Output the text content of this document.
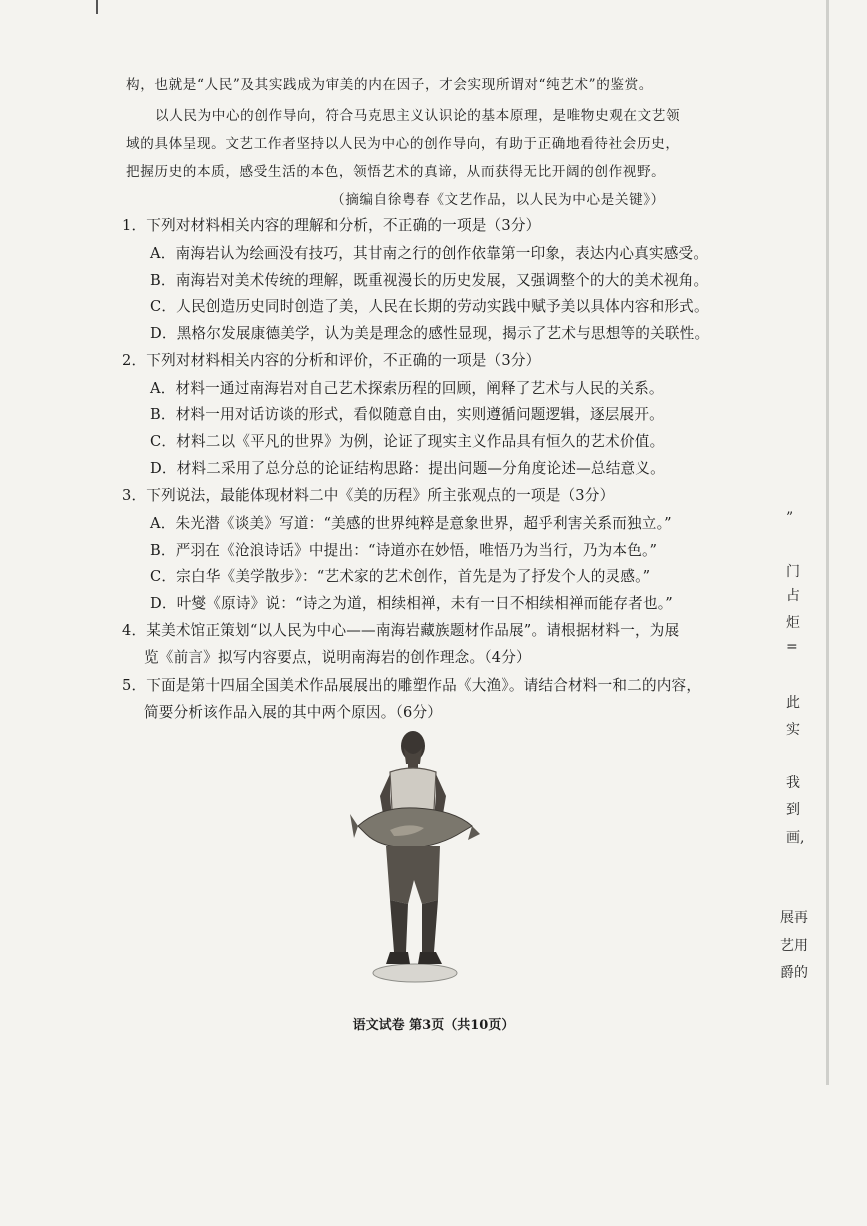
构，也就是“人民”及其实践成为审美的内在因子，才会实现所谓对“纯艺术”的鉴赏。
以人民为中心的创作导向，符合马克思主义认识论的基本原理，是唯物史观在文艺领
域的具体呈现。文艺工作者坚持以人民为中心的创作导向，有助于正确地看待社会历史，
把握历史的本质，感受生活的本色，领悟艺术的真谛，从而获得无比开阔的创作视野。
（摘编自徐粤春《文艺作品，以人民为中心是关键》）
1．下列对材料相关内容的理解和分析，不正确的一项是（3分）
A．南海岩认为绘画没有技巧，其甘南之行的创作依靠第一印象，表达内心真实感受。
B．南海岩对美术传统的理解，既重视漫长的历史发展，又强调整个的大的美术视角。
C．人民创造历史同时创造了美，人民在长期的劳动实践中赋予美以具体内容和形式。
D．黑格尔发展康德美学，认为美是理念的感性显现，揭示了艺术与思想等的关联性。
2．下列对材料相关内容的分析和评价，不正确的一项是（3分）
A．材料一通过南海岩对自己艺术探索历程的回顾，阐释了艺术与人民的关系。
B．材料一用对话访谈的形式，看似随意自由，实则遵循问题逻辑，逐层展开。
C．材料二以《平凡的世界》为例，论证了现实主义作品具有恒久的艺术价值。
D．材料二采用了总分总的论证结构思路：提出问题—分角度论述—总结意义。
3．下列说法，最能体现材料二中《美的历程》所主张观点的一项是（3分）
A．朱光潜《谈美》写道：“美感的世界纯粹是意象世界，超乎利害关系而独立。”
B．严羽在《沧浪诗话》中提出：“诗道亦在妙悟，唯悟乃为当行，乃为本色。”
C．宗白华《美学散步》：“艺术家的艺术创作，首先是为了抒发个人的灵感。”
D．叶燮《原诗》说：“诗之为道，相续相禅，未有一日不相续相禅而能存者也。”
4．某美术馆正策划“以人民为中心——南海岩藏族题材作品展”。请根据材料一，为展
览《前言》拟写内容要点，说明南海岩的创作理念。（4分）
5．下面是第十四届全国美术作品展展出的雕塑作品《大渔》。请结合材料一和二的内容，
简要分析该作品入展的其中两个原因。（6分）
”
门
占
炬
=
此
实
我
到
画,
展再
艺用
爵的
语文试卷 第3页（共10页）
